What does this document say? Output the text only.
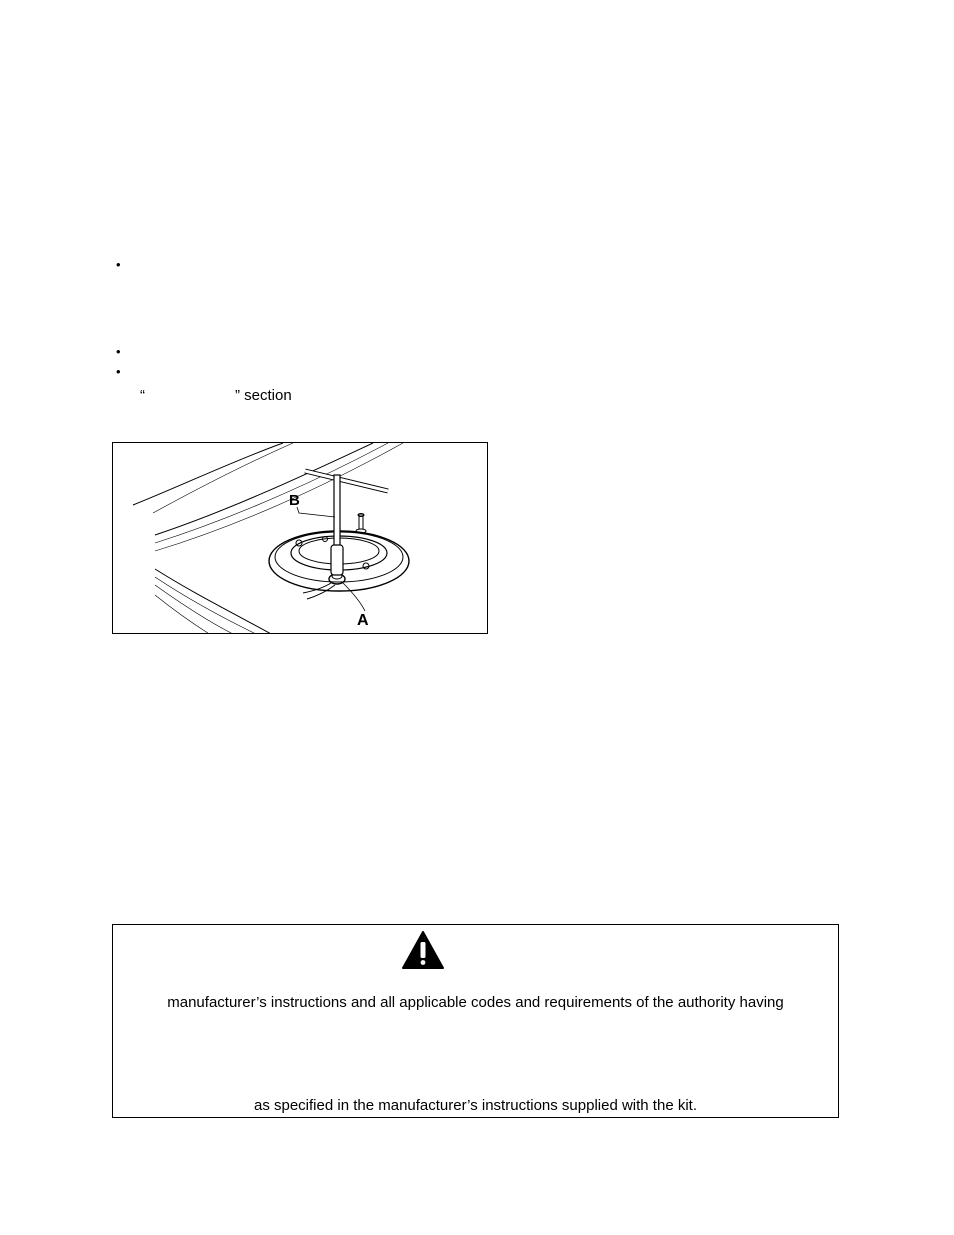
•
•
•
“	” section
B
A
manufacturer’s instructions and all applicable codes and requirements of the authority having
as specified in the manufacturer’s instructions supplied with the kit.
